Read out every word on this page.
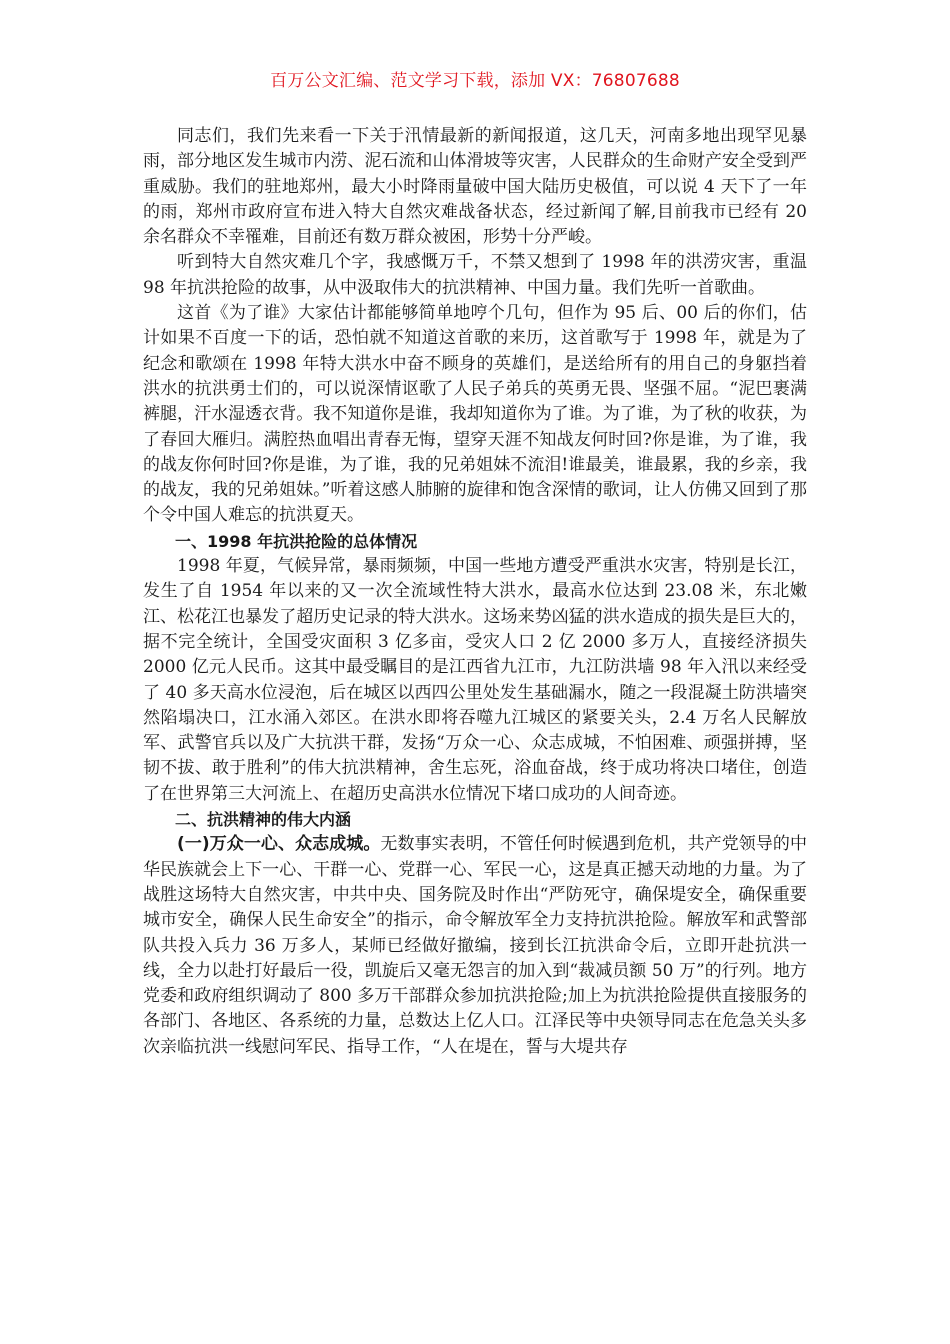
百万公文汇编、范文学习下载，添加 VX：76807688

同志们，我们先来看一下关于汛情最新的新闻报道，这几天，河南多地出现罕见暴雨，部分地区发生城市内涝、泥石流和山体滑坡等灾害，人民群众的生命财产安全受到严重威胁。我们的驻地郑州，最大小时降雨量破中国大陆历史极值，可以说 4 天下了一年的雨，郑州市政府宣布进入特大自然灾难战备状态，经过新闻了解,目前我市已经有 20 余名群众不幸罹难，目前还有数万群众被困，形势十分严峻。

听到特大自然灾难几个字，我感慨万千，不禁又想到了 1998 年的洪涝灾害，重温 98 年抗洪抢险的故事，从中汲取伟大的抗洪精神、中国力量。我们先听一首歌曲。

这首《为了谁》大家估计都能够简单地哼个几句，但作为 95 后、00 后的你们，估计如果不百度一下的话，恐怕就不知道这首歌的来历，这首歌写于 1998 年，就是为了纪念和歌颂在 1998 年特大洪水中奋不顾身的英雄们，是送给所有的用自己的身躯挡着洪水的抗洪勇士们的，可以说深情讴歌了人民子弟兵的英勇无畏、坚强不屈。“泥巴裹满裤腿，汗水湿透衣背。我不知道你是谁，我却知道你为了谁。为了谁，为了秋的收获，为了春回大雁归。满腔热血唱出青春无悔，望穿天涯不知战友何时回?你是谁，为了谁，我的战友你何时回?你是谁，为了谁，我的兄弟姐妹不流泪!谁最美，谁最累，我的乡亲，我的战友，我的兄弟姐妹。”听着这感人肺腑的旋律和饱含深情的歌词，让人仿佛又回到了那个令中国人难忘的抗洪夏天。

一、1998 年抗洪抢险的总体情况

1998 年夏，气候异常，暴雨频频，中国一些地方遭受严重洪水灾害，特别是长江，发生了自 1954 年以来的又一次全流域性特大洪水，最高水位达到 23.08 米，东北嫩江、松花江也暴发了超历史记录的特大洪水。这场来势凶猛的洪水造成的损失是巨大的，据不完全统计，全国受灾面积 3 亿多亩，受灾人口 2 亿 2000 多万人，直接经济损失 2000 亿元人民币。这其中最受瞩目的是江西省九江市，九江防洪墙 98 年入汛以来经受了 40 多天高水位浸泡，后在城区以西四公里处发生基础漏水，随之一段混凝土防洪墙突然陷塌决口，江水涌入郊区。在洪水即将吞噬九江城区的紧要关头，2.4 万名人民解放军、武警官兵以及广大抗洪干群，发扬“万众一心、众志成城，不怕困难、顽强拼搏，坚韧不拔、敢于胜利”的伟大抗洪精神，舍生忘死，浴血奋战，终于成功将决口堵住，创造了在世界第三大河流上、在超历史高洪水位情况下堵口成功的人间奇迹。

二、抗洪精神的伟大内涵

(一)万众一心、众志成城。无数事实表明，不管任何时候遇到危机，共产党领导的中华民族就会上下一心、干群一心、党群一心、军民一心，这是真正撼天动地的力量。为了战胜这场特大自然灾害，中共中央、国务院及时作出“严防死守，确保堤安全，确保重要城市安全，确保人民生命安全”的指示，命令解放军全力支持抗洪抢险。解放军和武警部队共投入兵力 36 万多人，某师已经做好撤编，接到长江抗洪命令后，立即开赴抗洪一线，全力以赴打好最后一役，凯旋后又毫无怨言的加入到“裁减员额 50 万”的行列。地方党委和政府组织调动了 800 多万干部群众参加抗洪抢险;加上为抗洪抢险提供直接服务的各部门、各地区、各系统的力量，总数达上亿人口。江泽民等中央领导同志在危急关头多次亲临抗洪一线慰问军民、指导工作，“人在堤在，誓与大堤共存
